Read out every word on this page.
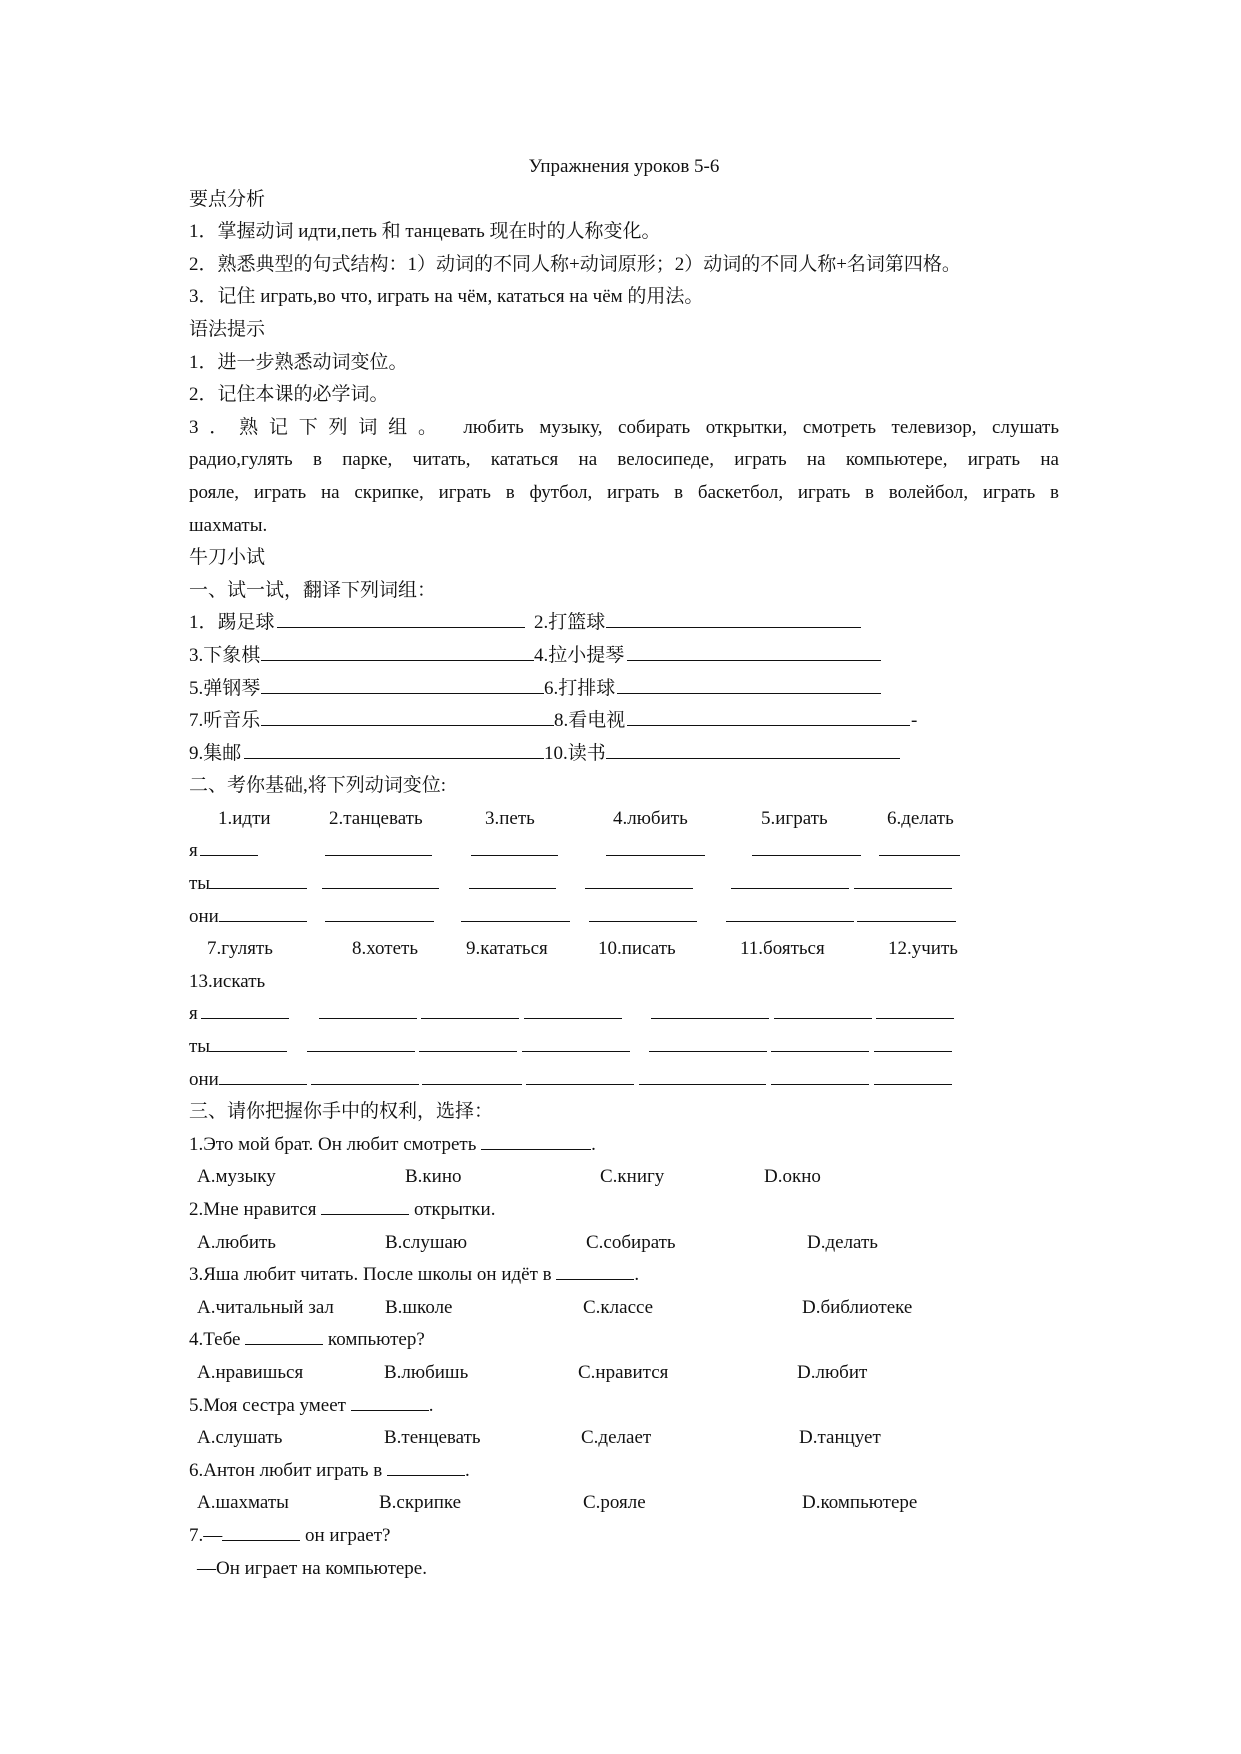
Упражнения уроков 5-6
要点分析
1．掌握动词 идти,петь 和 танцевать 现在时的人称变化。
2．熟悉典型的句式结构：1）动词的不同人称+动词原形；2）动词的不同人称+名词第四格。
3．记住 играть,во что, играть на чём, кататься на чём 的用法。
语法提示
1．进一步熟悉动词变位。
2．记住本课的必学词。
3．熟记下列词组。 любить музыку, собирать открытки, смотреть телевизор, слушать
радио,гулять в парке, читать, кататься на велосипеде, играть на компьютере, играть на
рояле, играть на скрипке, играть в футбол, играть в баскетбол, играть в волейбол, играть в
шахматы.
牛刀小试
一、试一试，翻译下列词组：
1．踢足球	2.打篮球
3.下象棋	4.拉小提琴
5.弹钢琴	6.打排球
7.听音乐	8.看电视	-
9.集邮	10.读书
二、考你基础,将下列动词变位:
1.идти	2.танцевать	3.петь	4.любить	5.играть	6.делать
я
ты
они
7.гулять	8.хотеть	9.кататься	10.писать	11.бояться	12.учить
13.искать
я
ты
они
三、请你把握你手中的权利，选择：
1.Это мой брат. Он любит смотреть	.
A.музыку	B.кино	C.книгу	D.окно
2.Мне нравится	открытки.
A.любить	B.слушаю	C.собирать	D.делать
3.Яша любит читать. После школы он идёт в	.
A.читальный зал	B.школе	C.классе	D.библиотеке
4.Тебе	компьютер?
A.нравишься	B.любишь	C.нравится	D.любит
5.Моя сестра умеет	.
A.слушать	B.тенцевать	C.делает	D.танцует
6.Антон любит играть в	.
A.шахматы	B.скрипке	C.рояле	D.компьютере
7.—	он играет?
—Он играет на компьютере.
